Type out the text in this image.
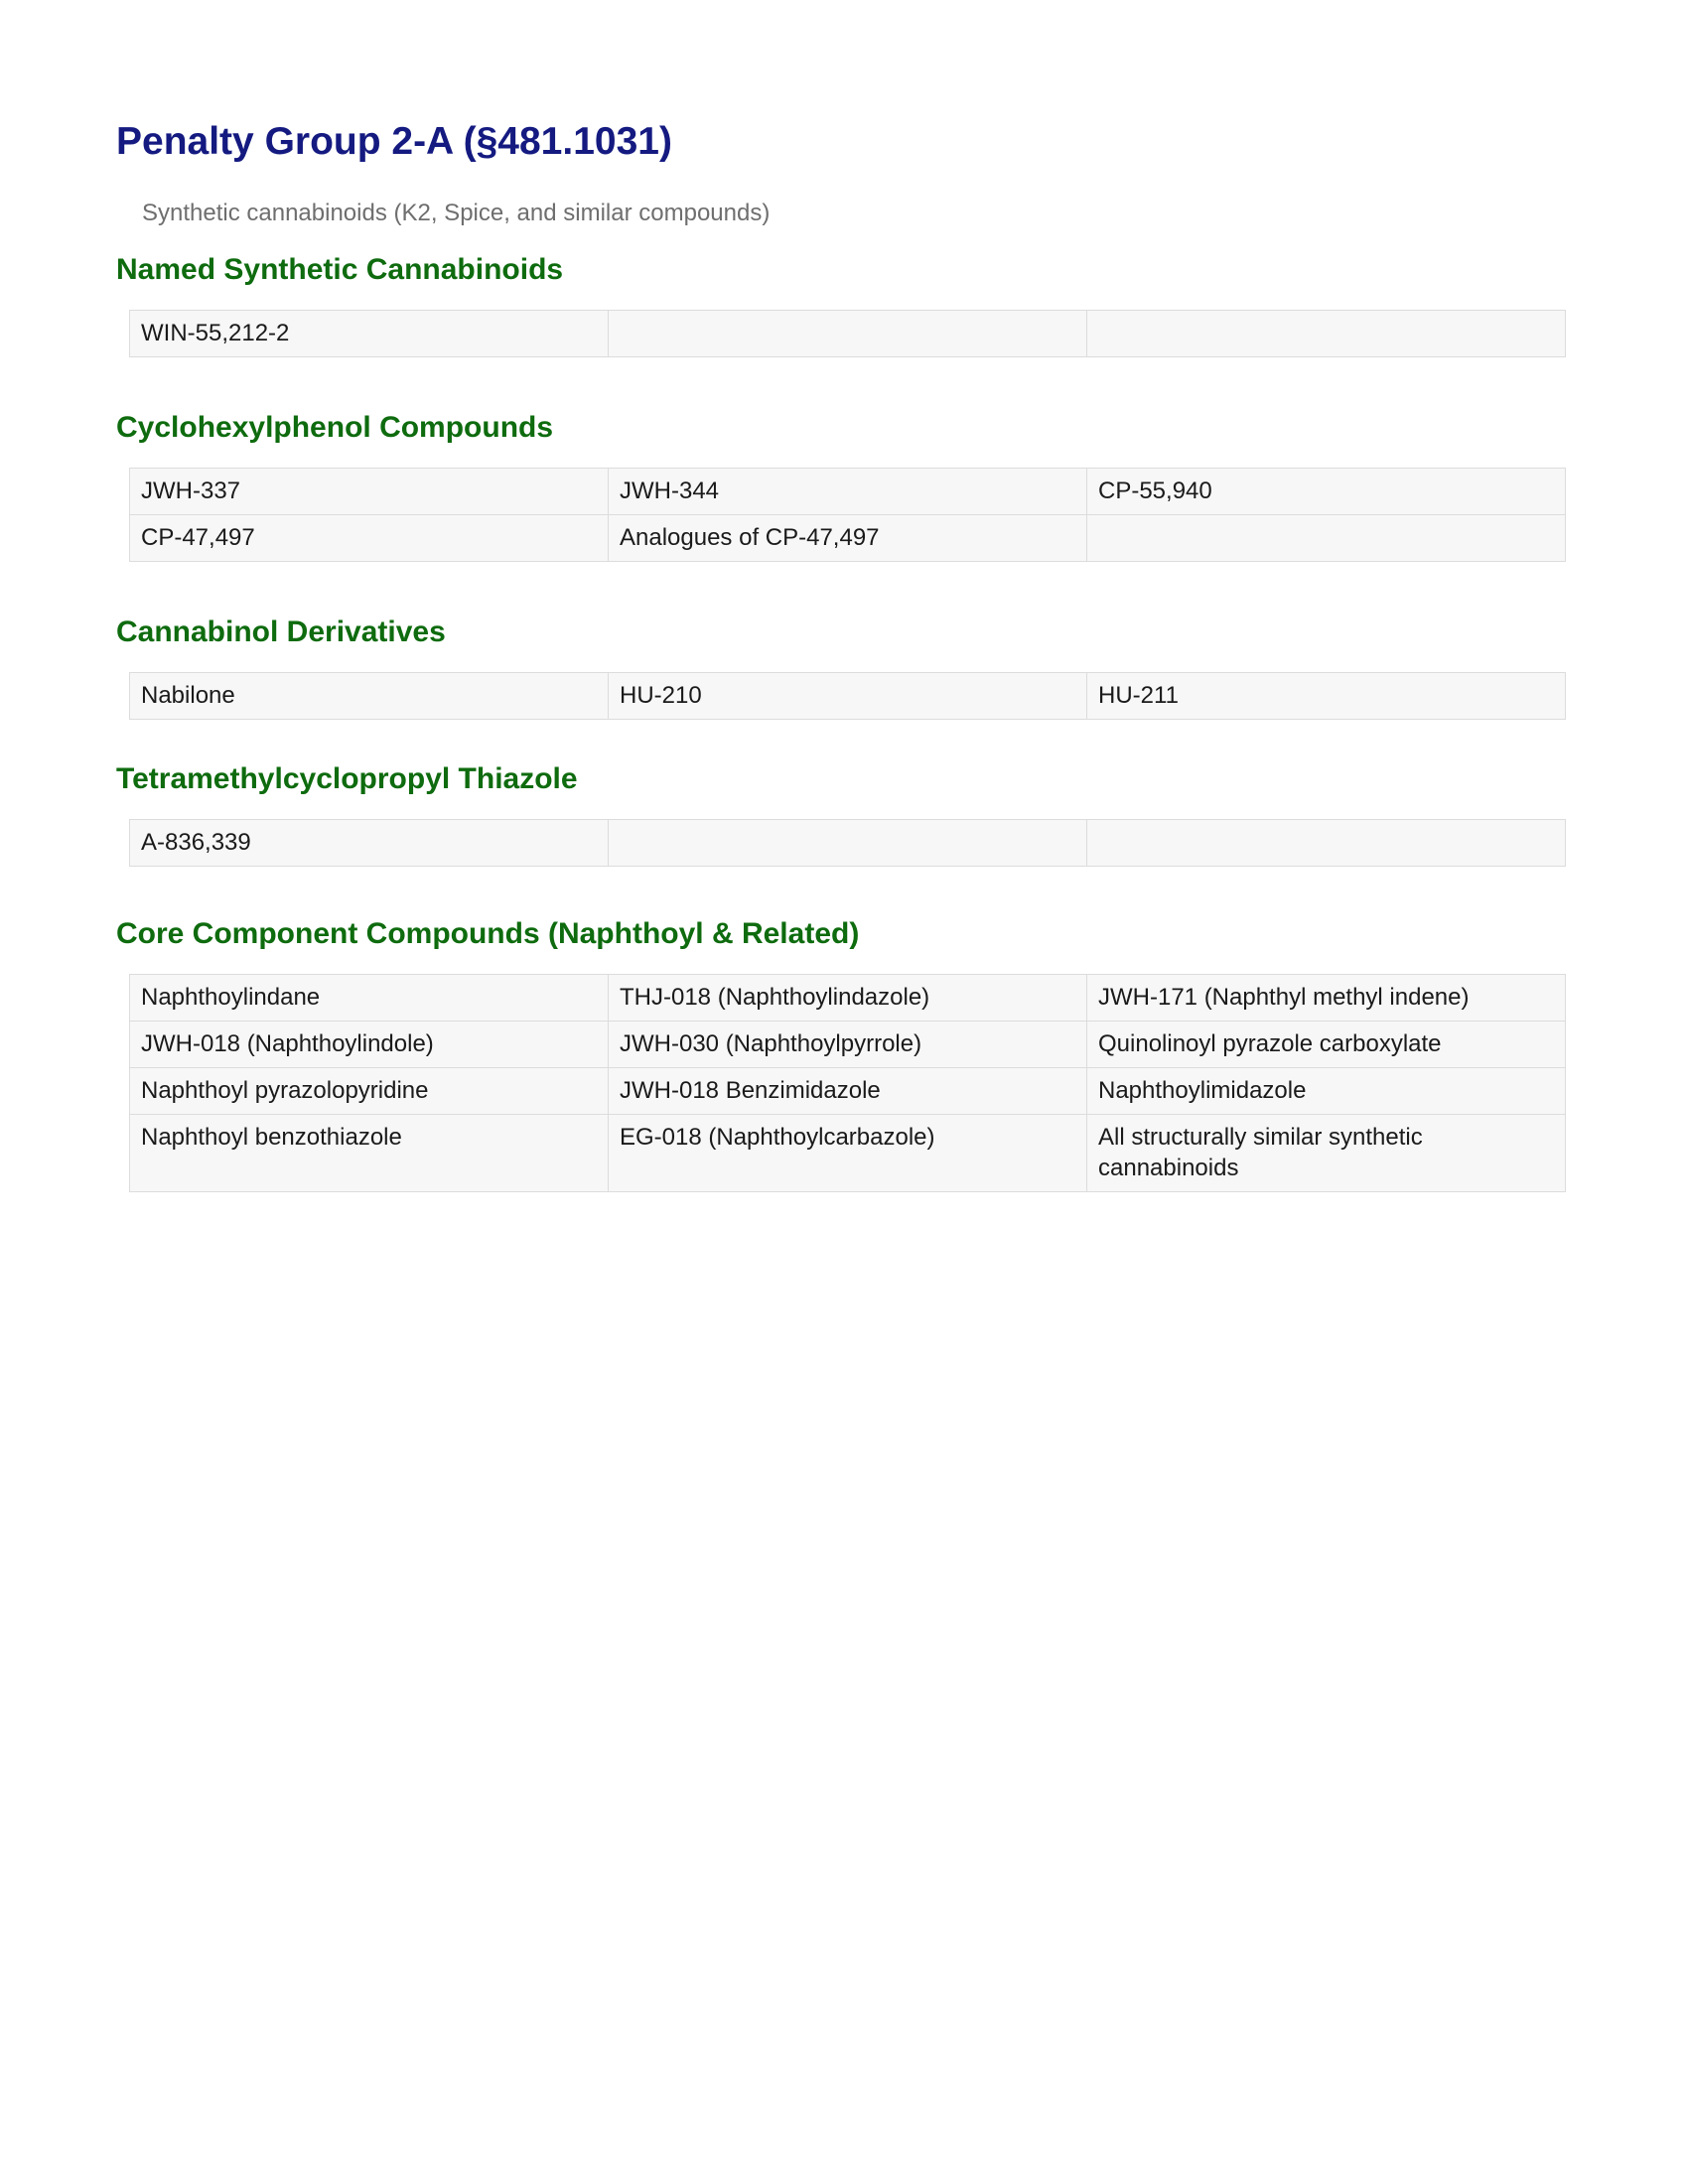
Penalty Group 2-A (§481.1031)

Synthetic cannabinoids (K2, Spice, and similar compounds)

Named Synthetic Cannabinoids
WIN-55,212-2		
Cyclohexylphenol Compounds
JWH-337	JWH-344	CP-55,940
CP-47,497	Analogues of CP-47,497	
Cannabinol Derivatives
Nabilone	HU-210	HU-211
Tetramethylcyclopropyl Thiazole
A-836,339		
Core Component Compounds (Naphthoyl & Related)
Naphthoylindane	THJ-018 (Naphthoylindazole)	JWH-171 (Naphthyl methyl indene)
JWH-018 (Naphthoylindole)	JWH-030 (Naphthoylpyrrole)	Quinolinoyl pyrazole carboxylate
Naphthoyl pyrazolopyridine	JWH-018 Benzimidazole	Naphthoylimidazole
Naphthoyl benzothiazole	EG-018 (Naphthoylcarbazole)	All structurally similar synthetic cannabinoids
